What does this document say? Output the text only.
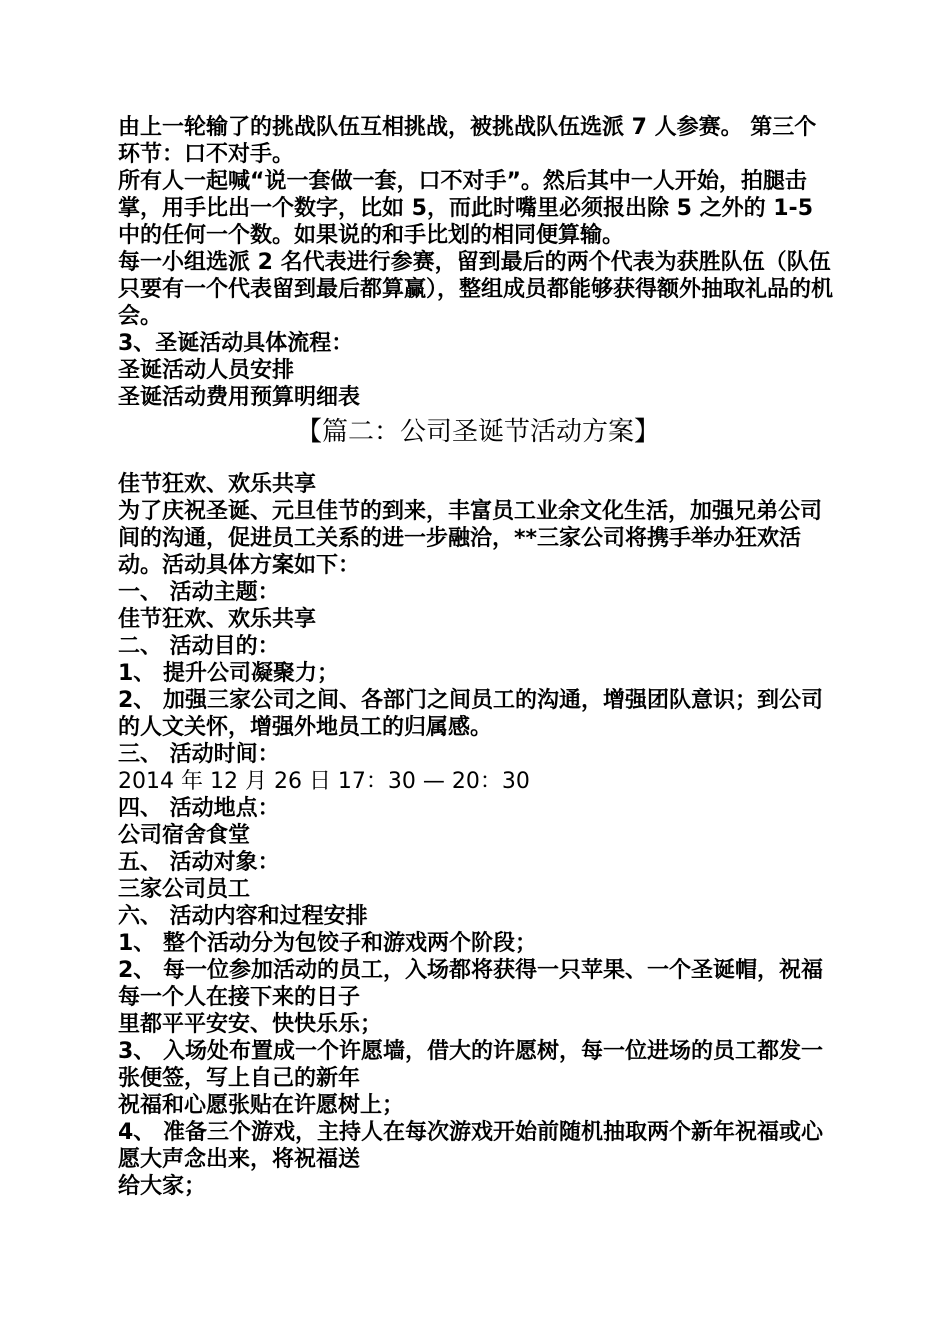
由上一轮输了的挑战队伍互相挑战，被挑战队伍选派 7 人参赛。 第三个环节：口不对手。

所有人一起喊“说一套做一套，口不对手”。然后其中一人开始，拍腿击掌，用手比出一个数字，比如 5，而此时嘴里必须报出除 5 之外的 1-5 中的任何一个数。如果说的和手比划的相同便算输。

每一小组选派 2 名代表进行参赛，留到最后的两个代表为获胜队伍（队伍只要有一个代表留到最后都算赢），整组成员都能够获得额外抽取礼品的机会。

3、圣诞活动具体流程：

圣诞活动人员安排

圣诞活动费用预算明细表

【篇二：公司圣诞节活动方案】

佳节狂欢、欢乐共享

为了庆祝圣诞、元旦佳节的到来，丰富员工业余文化生活，加强兄弟公司间的沟通，促进员工关系的进一步融洽，**三家公司将携手举办狂欢活动。活动具体方案如下：

一、 活动主题：

佳节狂欢、欢乐共享

二、 活动目的：

1、 提升公司凝聚力；

2、 加强三家公司之间、各部门之间员工的沟通，增强团队意识；到公司的人文关怀，增强外地员工的归属感。

三、 活动时间：

2014 年 12 月 26 日 17：30 — 20：30

四、 活动地点：

公司宿舍食堂

五、 活动对象：

三家公司员工

六、 活动内容和过程安排

1、 整个活动分为包饺子和游戏两个阶段；

2、 每一位参加活动的员工，入场都将获得一只苹果、一个圣诞帽，祝福每一个人在接下来的日子

里都平平安安、快快乐乐；

3、 入场处布置成一个许愿墙，借大的许愿树，每一位进场的员工都发一张便签，写上自己的新年

祝福和心愿张贴在许愿树上；

4、 准备三个游戏，主持人在每次游戏开始前随机抽取两个新年祝福或心愿大声念出来，将祝福送

给大家；
